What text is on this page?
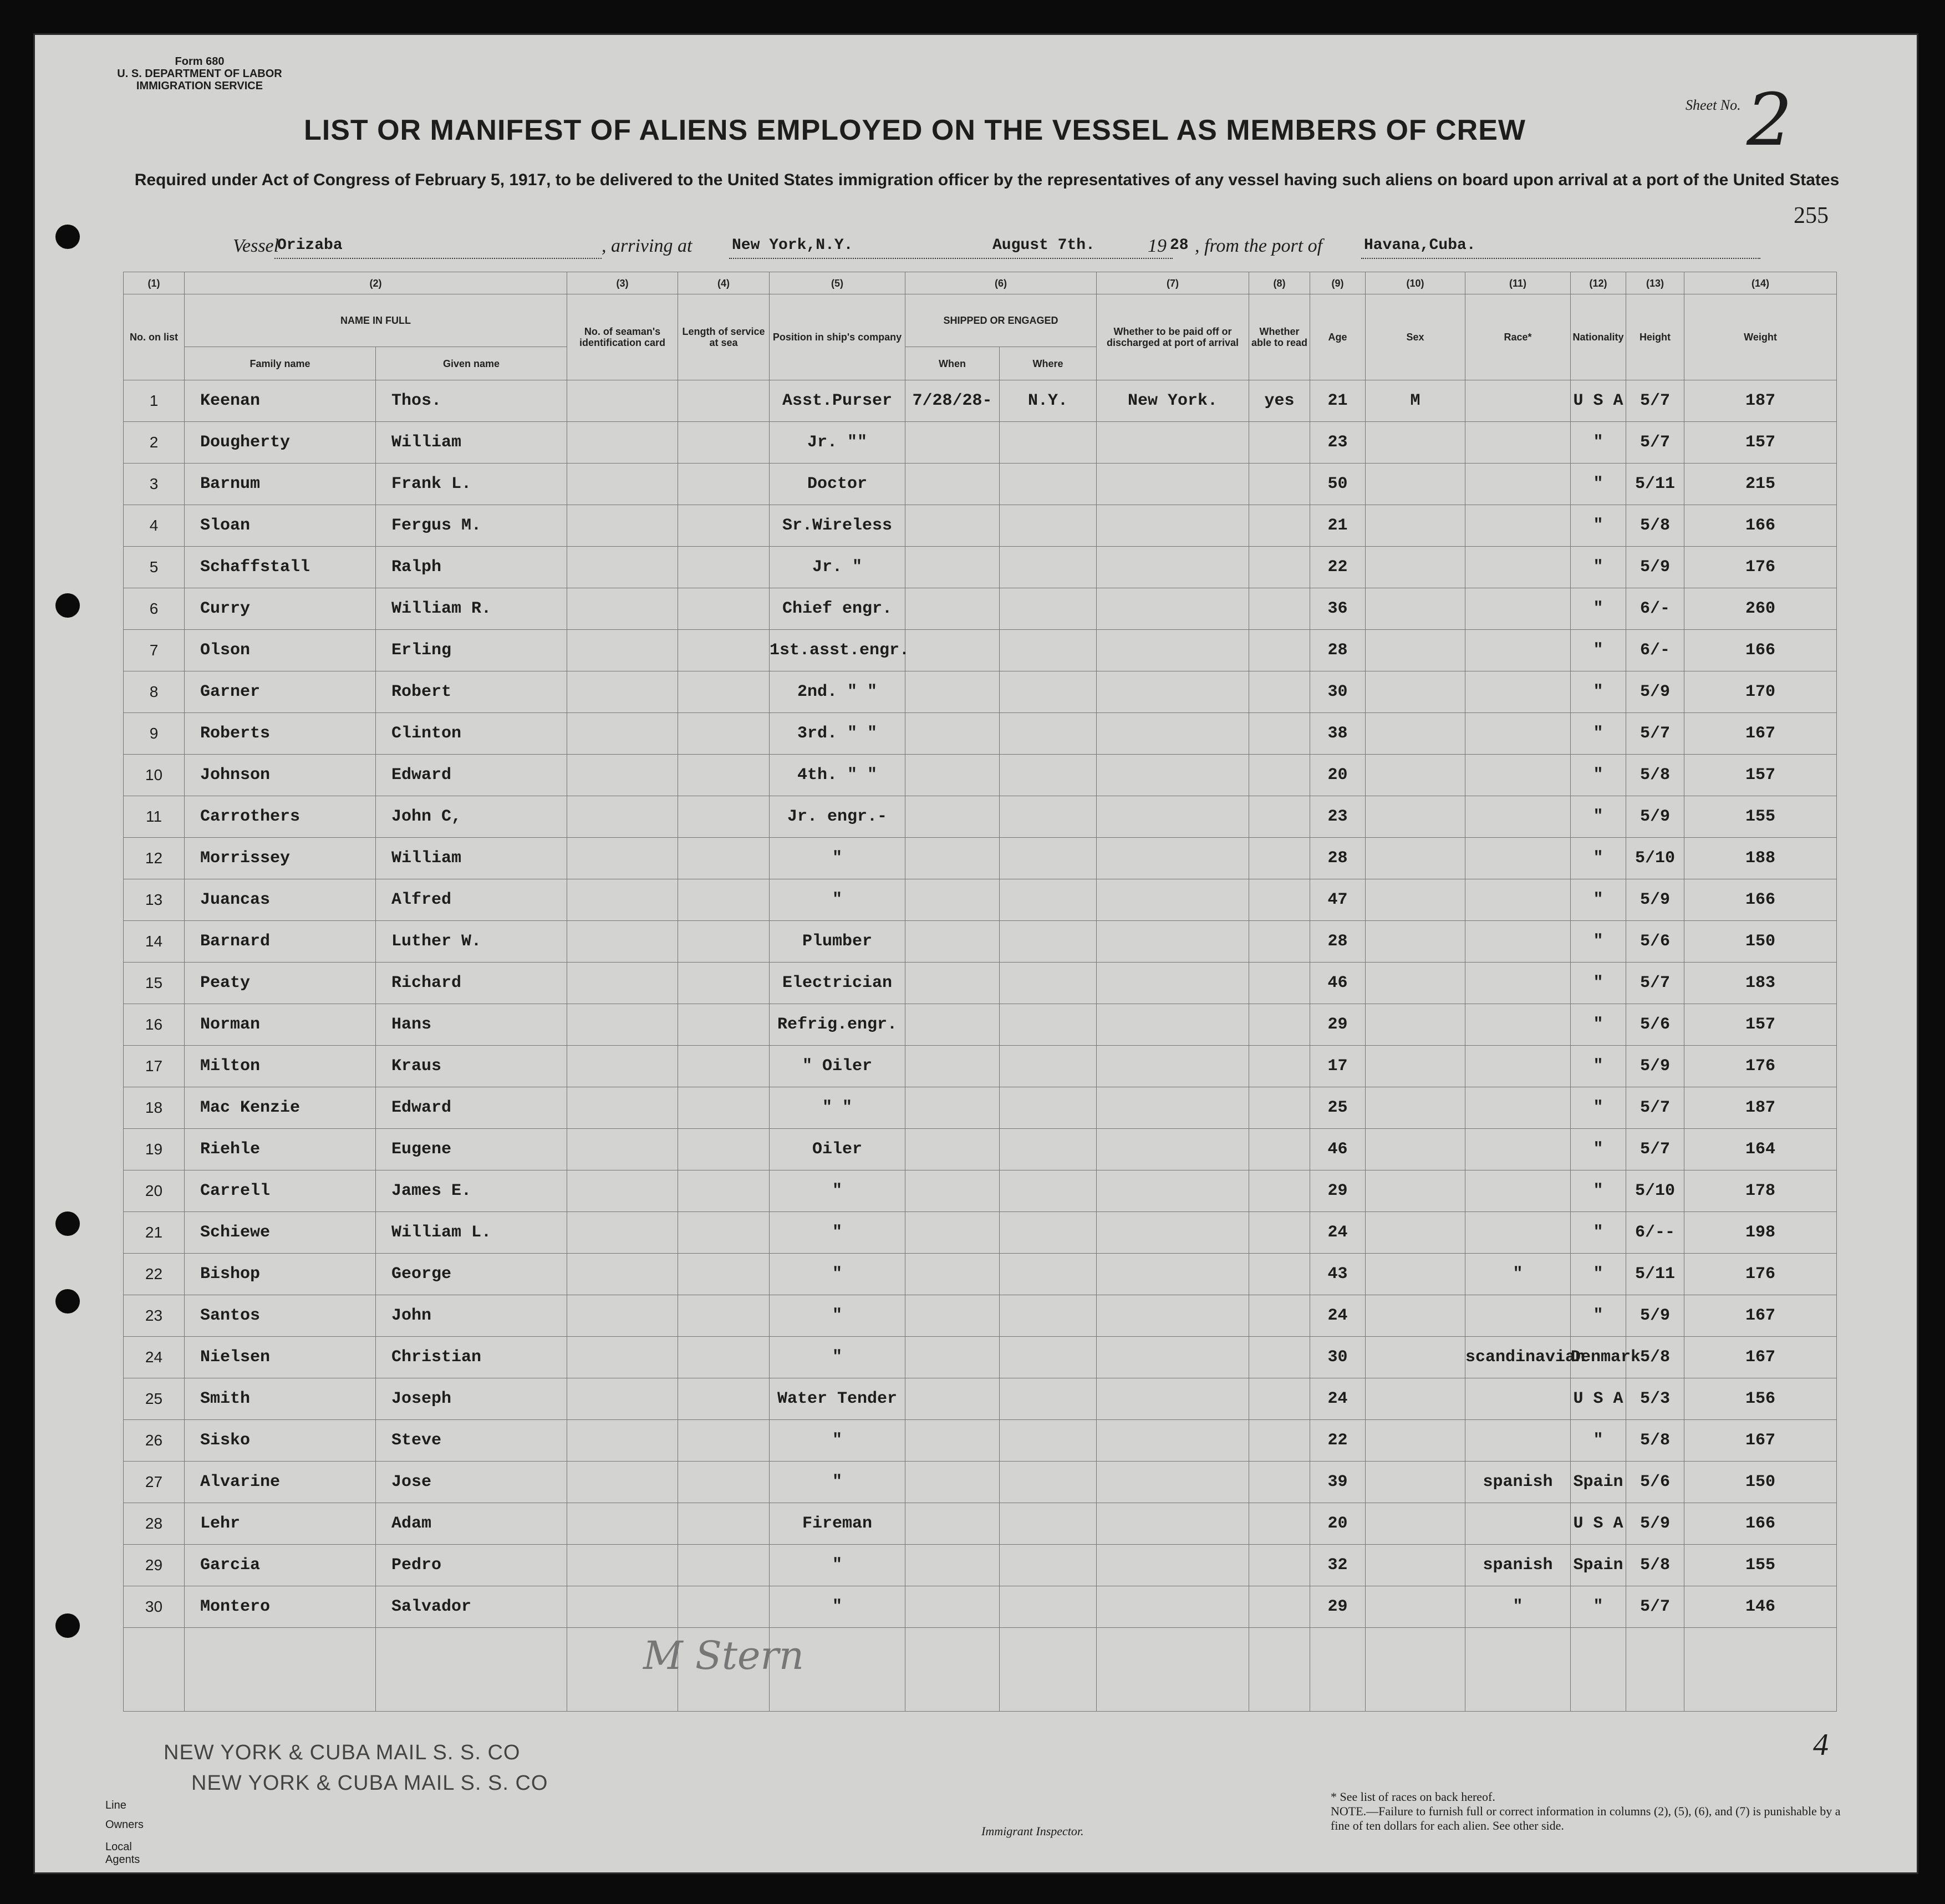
Form 680
U. S. DEPARTMENT OF LABOR
IMMIGRATION SERVICE
Sheet No. 2
255
LIST OR MANIFEST OF ALIENS EMPLOYED ON THE VESSEL AS MEMBERS OF CREW
Required under Act of Congress of February 5, 1917, to be delivered to the United States immigration officer by the representatives of any vessel having such aliens on board upon arrival at a port of the United States
Vessel
Orizaba	, arriving at	New York,N.Y.	August 7th.	19 28 , from the port of	Havana,Cuba.
(1)	(2)		(3)	(4)	(5)	(6)		(7)	(8)	(9)	(10)	(11)	(12)	(13)	(14)	
No. on list	NAME IN FULL		No. of seaman's identification card	Length of service at sea	Position in ship's company	SHIPPED OR ENGAGED		Whether to be paid off or discharged at port of arrival	Whether able to read	Age	Sex	Race*	Nationality	Height	Weight	
	Family name	Given name				When	Where									
1	Keenan	Thos.			Asst.Purser	7/28/28-	N.Y.	New York.	yes	21	M		U S A	5/7	187	
2	Dougherty	William			Jr. ""					23			"	5/7	157	
3	Barnum	Frank L.			Doctor					50			"	5/11	215	
4	Sloan	Fergus M.			Sr.Wireless					21			"	5/8	166	
5	Schaffstall	Ralph			Jr. "					22			"	5/9	176	
6	Curry	William R.			Chief engr.					36			"	6/-	260	
7	Olson	Erling			1st.asst.engr.					28			"	6/-	166	
8	Garner	Robert			2nd. " "					30			"	5/9	170	
9	Roberts	Clinton			3rd. " "					38			"	5/7	167	
10	Johnson	Edward			4th. " "					20			"	5/8	157	
11	Carrothers	John C,			Jr. engr.-					23			"	5/9	155	
12	Morrissey	William			"					28			"	5/10	188	
13	Juancas	Alfred			"					47			"	5/9	166	
14	Barnard	Luther W.			Plumber					28			"	5/6	150	
15	Peaty	Richard			Electrician					46			"	5/7	183	
16	Norman	Hans			Refrig.engr.					29			"	5/6	157	
17	Milton	Kraus			" Oiler					17			"	5/9	176	
18	Mac Kenzie	Edward			" "					25			"	5/7	187	
19	Riehle	Eugene			Oiler					46			"	5/7	164	
20	Carrell	James E.			"					29			"	5/10	178	
21	Schiewe	William L.			"					24			"	6/--	198	
22	Bishop	George			"					43		"	"	5/11	176	
23	Santos	John			"					24			"	5/9	167	
24	Nielsen	Christian			"					30		scandinavian	Denmark	5/8	167	
25	Smith	Joseph			Water Tender					24			U S A	5/3	156	
26	Sisko	Steve			"					22			"	5/8	167	
27	Alvarine	Jose			"					39		spanish	Spain	5/6	150	
28	Lehr	Adam			Fireman					20			U S A	5/9	166	
29	Garcia	Pedro			"					32		spanish	Spain	5/8	155	
30	Montero	Salvador			"					29		"	"	5/7	146	

M Stern
4
Line
Owners
Local Agents
NEW YORK & CUBA MAIL S. S. CO
NEW YORK & CUBA MAIL S. S. CO
Immigrant Inspector.
* See list of races on back hereof.
NOTE.—Failure to furnish full or correct information in columns (2), (5), (6), and (7) is punishable by a fine of ten dollars for each alien. See other side.
